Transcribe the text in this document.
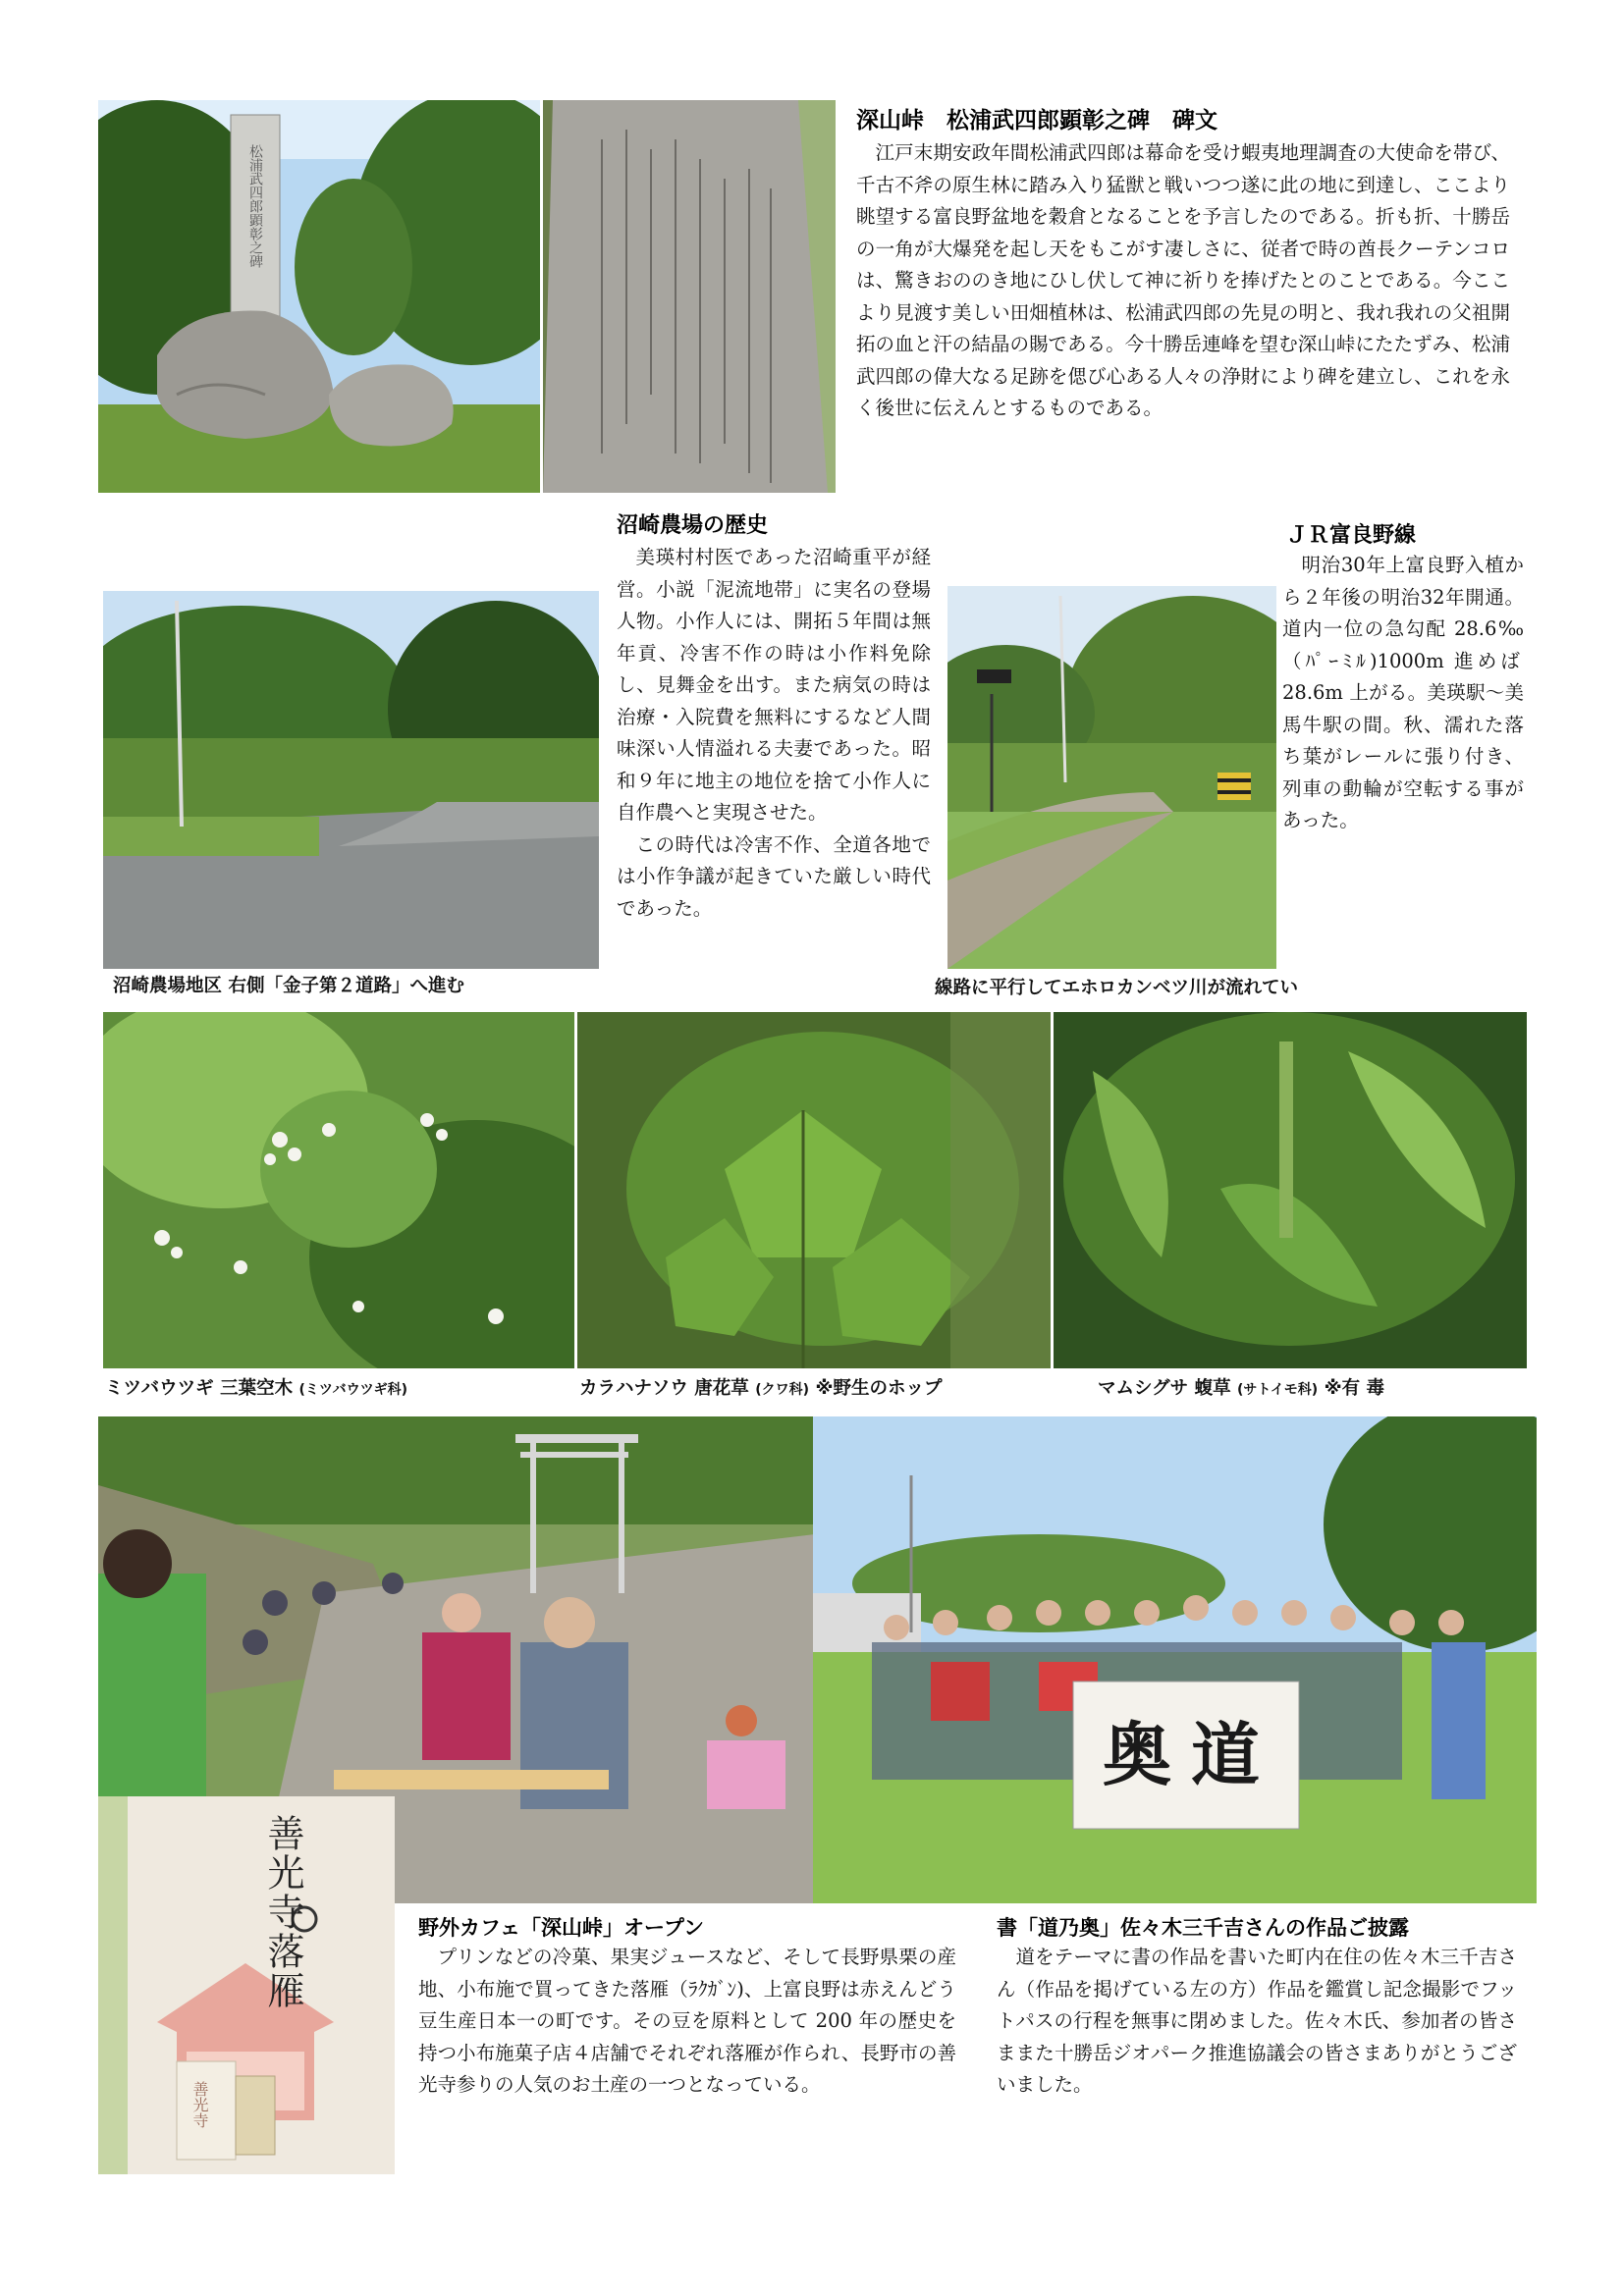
松浦武四郎顕彰之碑
深山峠　松浦武四郎顕彰之碑　碑文
江戸末期安政年間松浦武四郎は幕命を受け蝦夷地理調査の大使命を帯び、千古不斧の原生林に踏み入り猛獣と戦いつつ遂に此の地に到達し、ここより眺望する富良野盆地を穀倉となることを予言したのである。折も折、十勝岳の一角が大爆発を起し天をもこがす凄しさに、従者で時の酋長クーテンコロは、驚きおののき地にひし伏して神に祈りを捧げたとのことである。今ここより見渡す美しい田畑植林は、松浦武四郎の先見の明と、我れ我れの父祖開拓の血と汗の結晶の賜である。今十勝岳連峰を望む深山峠にたたずみ、松浦武四郎の偉大なる足跡を偲び心ある人々の浄財により碑を建立し、これを永く後世に伝えんとするものである。
沼崎農場の歴史
美瑛村村医であった沼崎重平が経営。小説「泥流地帯」に実名の登場人物。小作人には、開拓５年間は無年貢、冷害不作の時は小作料免除し、見舞金を出す。また病気の時は治療・入院費を無料にするなど人間味深い人情溢れる夫妻であった。昭和９年に地主の地位を捨て小作人に自作農へと実現させた。
この時代は冷害不作、全道各地では小作争議が起きていた厳しい時代であった。
沼崎農場地区 右側「金子第２道路」へ進む	線路に平行してエホロカンベツ川が流れてい
ＪＲ富良野線
明治30年上富良野入植から２年後の明治32年開通。道内一位の急勾配 28.6‰（ﾊﾟｰﾐﾙ)1000m 進めば 28.6m 上がる。美瑛駅～美馬牛駅の間。秋、濡れた落ち葉がレールに張り付き、列車の動輪が空転する事があった。
ミツバウツギ 三葉空木 (ミツバウツギ科)	カラハナソウ 唐花草 (クワ科) ※野生のホップ	マムシグサ 蝮草 (サトイモ科) ※有 毒
善光寺落雁
善光寺
奥道
野外カフェ「深山峠」オープン
プリンなどの冷菓、果実ジュースなど、そして長野県栗の産地、小布施で買ってきた落雁（ﾗｸｶﾞﾝ)、上富良野は赤えんどう豆生産日本一の町です。その豆を原料として 200 年の歴史を持つ小布施菓子店４店舗でそれぞれ落雁が作られ、長野市の善光寺参りの人気のお土産の一つとなっている。
書「道乃奥」佐々木三千吉さんの作品ご披露
道をテーマに書の作品を書いた町内在住の佐々木三千吉さん（作品を掲げている左の方）作品を鑑賞し記念撮影でフットパスの行程を無事に閉めました。佐々木氏、参加者の皆さままた十勝岳ジオパーク推進協議会の皆さまありがとうございました。
